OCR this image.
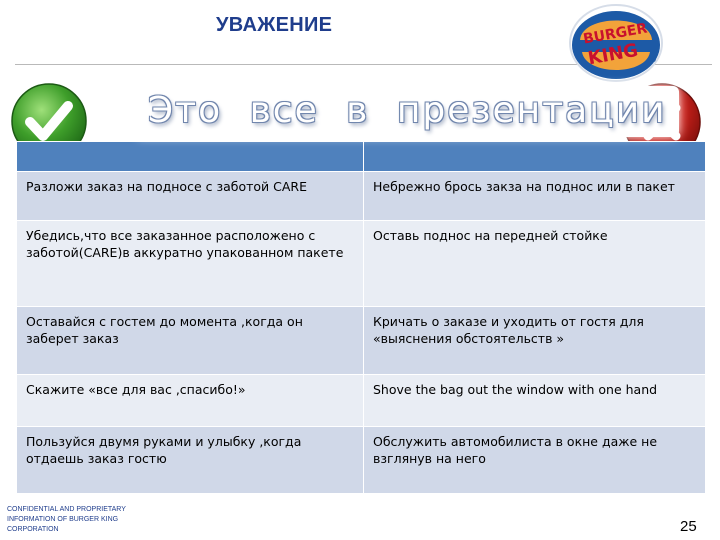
УВАЖЕНИЕ	BURGER
KING ®
Это все в презентации

Разложи заказ на подносе с заботой CARE	Небрежно брось закза на поднос или в пакет
Убедись,что все заказанное расположено с заботой(CARE)в аккуратно упакованном пакете	Оставь поднос на передней стойке
Оставайся с гостем до момента ,когда он заберет заказ	Кричать о заказе и уходить от гостя для «выяснения обстоятельств »
Скажите «все для вас ,спасибо!»	Shove the bag out the window with one hand
Пользуйся двумя руками и улыбку ,когда отдаешь заказ гостю	Обслужить автомобилиста в окне даже не взглянув на него
CONFIDENTIAL AND PROPRIETARY INFORMATION OF BURGER KING CORPORATION	25
